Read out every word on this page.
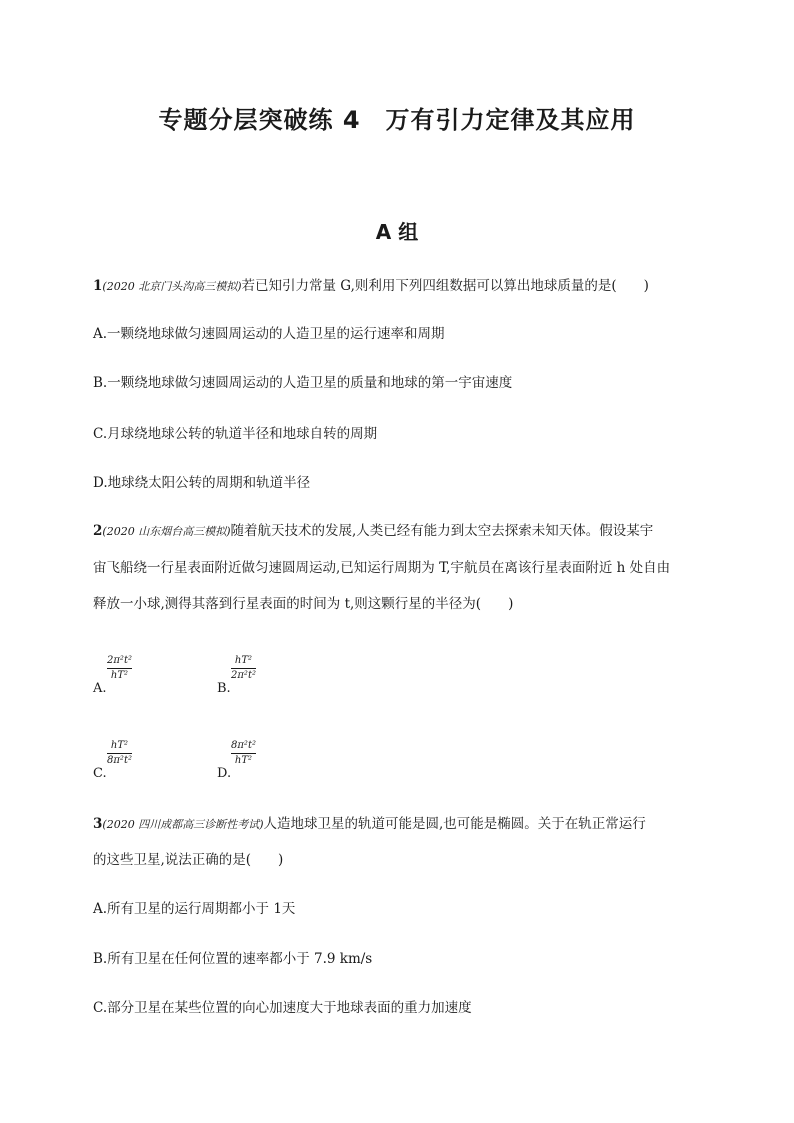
专题分层突破练 4　万有引力定律及其应用
A 组
1(2020 北京门头沟高三模拟)若已知引力常量 G,则利用下列四组数据可以算出地球质量的是(　　)
A.一颗绕地球做匀速圆周运动的人造卫星的运行速率和周期
B.一颗绕地球做匀速圆周运动的人造卫星的质量和地球的第一宇宙速度
C.月球绕地球公转的轨道半径和地球自转的周期
D.地球绕太阳公转的周期和轨道半径
2(2020 山东烟台高三模拟)随着航天技术的发展,人类已经有能力到太空去探索未知天体。假设某宇
宙飞船绕一行星表面附近做匀速圆周运动,已知运行周期为 T,宇航员在离该行星表面附近 h 处自由
释放一小球,测得其落到行星表面的时间为 t,则这颗行星的半径为(　　)
2π²t²
hT²
A.
hT²
2π²t²
B.
hT²
8π²t²
C.
8π²t²
hT²
D.
3(2020 四川成都高三诊断性考试)人造地球卫星的轨道可能是圆,也可能是椭圆。关于在轨正常运行
的这些卫星,说法正确的是(　　)
A.所有卫星的运行周期都小于 1天
B.所有卫星在任何位置的速率都小于 7.9 km/s
C.部分卫星在某些位置的向心加速度大于地球表面的重力加速度
